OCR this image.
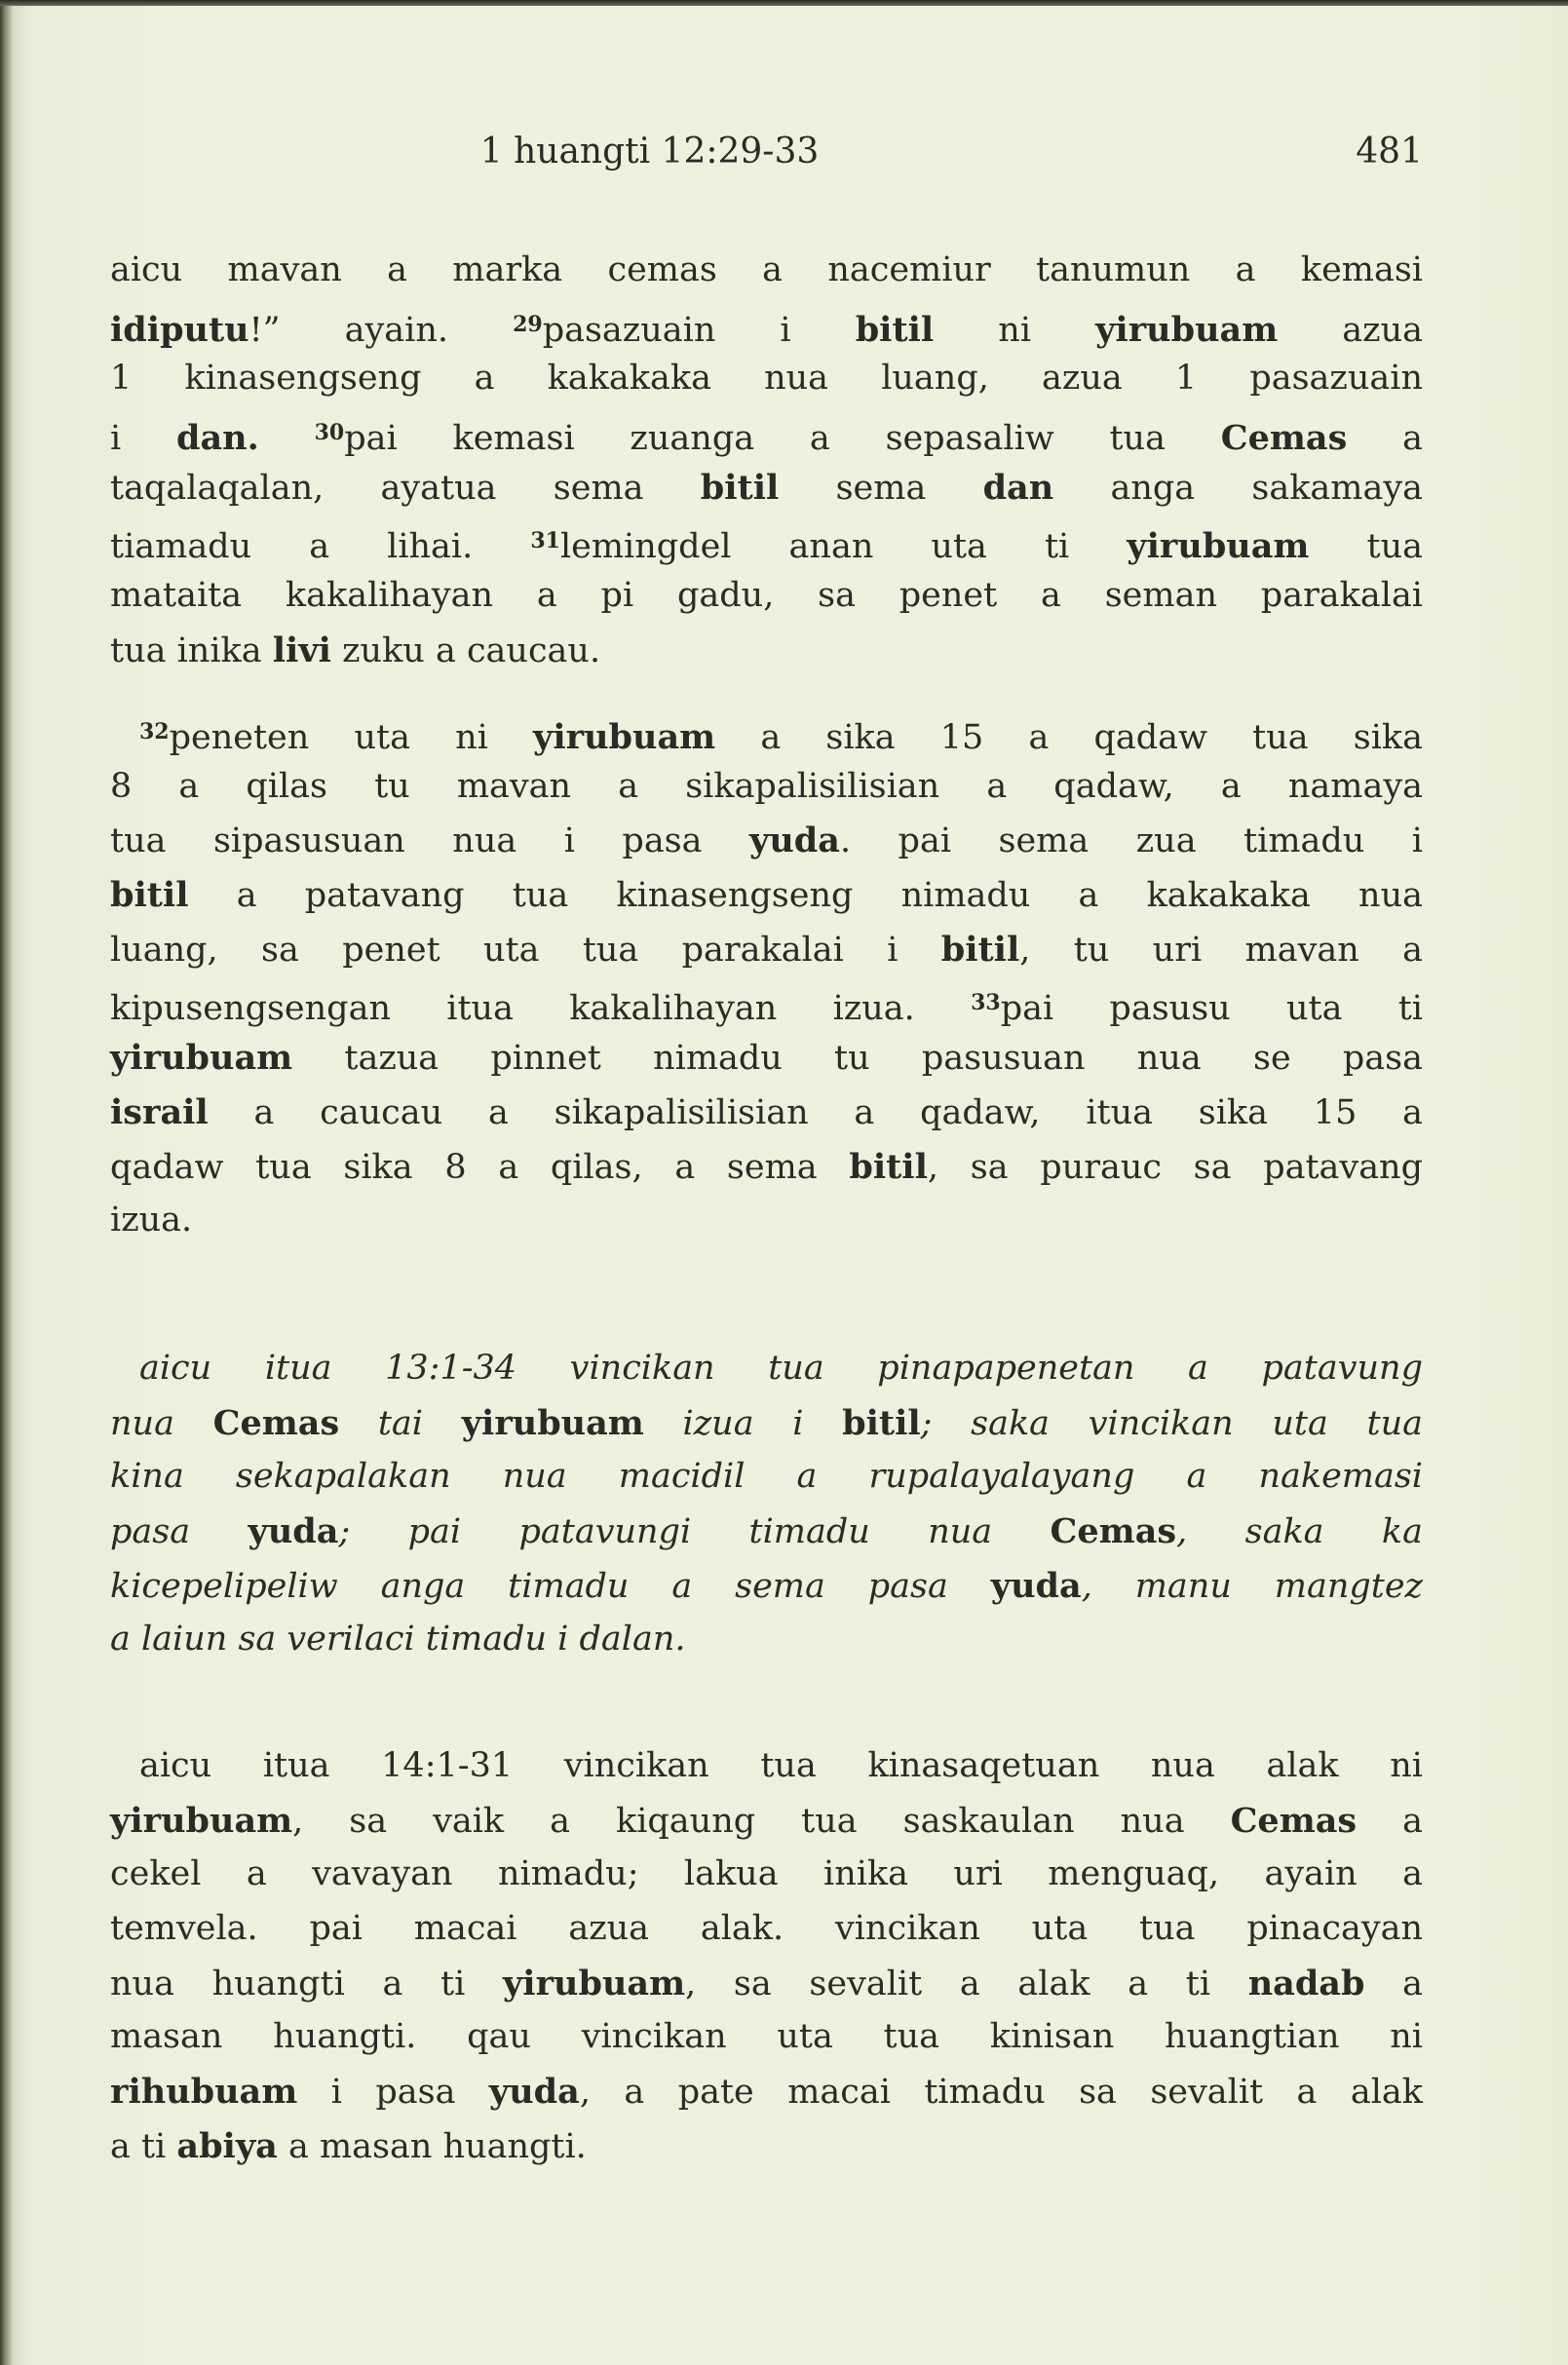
1 huangti 12:29-33	481
aicu mavan a marka cemas a nacemiur tanumun a kemasi
idiputu!” ayain. $^{29}$pasazuain i bitil ni yirubuam azua
1 kinasengseng a kakakaka nua luang, azua 1 pasazuain
i dan.	$^{30}$pai kemasi zuanga a sepasaliw tua Cemas a
taqalaqalan, ayatua sema bitil sema dan anga sakamaya
tiamadu a lihai. $^{31}$lemingdel anan uta ti yirubuam tua
mataita kakalihayan a pi gadu, sa penet a seman parakalai
tua inika livi zuku a caucau.
$^{32}$peneten uta ni yirubuam a sika 15 a qadaw tua sika
8 a qilas tu mavan a sikapalisilisian a qadaw, a namaya
tua sipasusuan nua i pasa yuda. pai sema zua timadu i
bitil a patavang tua kinasengseng nimadu a kakakaka nua
luang, sa penet uta tua parakalai i bitil, tu uri mavan a
kipusengsengan itua kakalihayan izua. $^{33}$pai pasusu uta ti
yirubuam tazua pinnet nimadu tu pasusuan nua se pasa
israil a caucau a sikapalisilisian a qadaw, itua sika 15 a
qadaw tua sika 8 a qilas, a sema bitil, sa purauc sa patavang
izua.
aicu itua 13:1-34 vincikan tua pinapapenetan a patavung
nua Cemas tai yirubuam izua i bitil; saka vincikan uta tua
kina sekapalakan nua macidil a rupalayalayang a nakemasi
pasa yuda; pai patavungi timadu nua Cemas, saka ka
kicepelipeliw anga timadu a sema pasa yuda, manu mangtez
a laiun sa verilaci timadu i dalan.
aicu itua 14:1-31 vincikan tua kinasaqetuan nua alak ni
yirubuam, sa vaik a kiqaung tua saskaulan nua Cemas a
cekel a vavayan nimadu; lakua inika uri menguaq, ayain a
temvela. pai macai azua alak. vincikan uta tua pinacayan
nua huangti a ti yirubuam, sa sevalit a alak a ti nadab a
masan huangti. qau vincikan uta tua kinisan huangtian ni
rihubuam i pasa yuda, a pate macai timadu sa sevalit a alak
a ti abiya a masan huangti.
